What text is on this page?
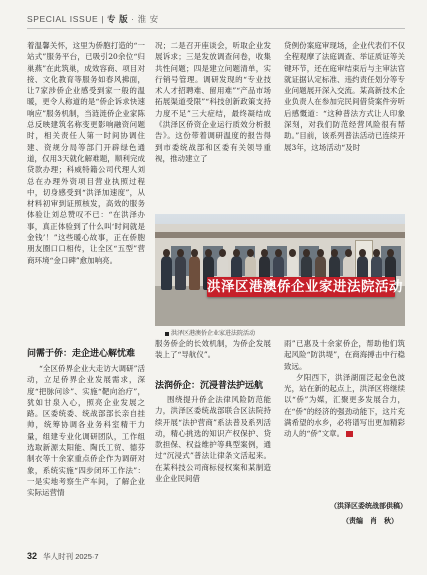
SPECIAL ISSUE | 专 版 · 淮 安

着温馨关怀，这里为侨胞打造的“一站式”服务平台，已吸引20余位“归巢燕”在此筑巢，成效容商、项目对接、文化教育等服务如春风拂面，让7家涉侨企业感受到家一般的温暖，更令人称道的是“侨企诉求快速响应”服务机制，当涟涟侨企业家陈总反映建筑名称变更影响融资问题时，相关责任人第一时间协调住建、资规分局等部门开辟绿色通道，仅用3天就化解难题，顺利完成贷款办理；科威特籍公司代理人刘总在办理外资项目营业执照过程中，切身感受到“洪泽加速度”，从材料初审到证照核发，高效的服务体验让刘总赞叹不已：“在洪泽办事，真正体验到了什么叫‘时间就是金钱’！”这些暖心故事，正在侨胞朋友圈口口相传，让全区“五型”营商环境“金口碑”愈加响亮。

问需于侨：走企进心解忧难

“全区侨界企业大走访大调研”活动，立足侨界企业发展需求，深度“把脉问诊”、实施“靶向治疗”，犹如甘泉入心，照亮企业发展之路。区委统委、统战部部长亲自挂帅，统筹协调各业务科室精干力量，组建专业化调研团队，工作组选取新源太阳能、陶氏工贸、德芬制衣等十余家重点侨企作为调研对象，系统实施“四步闭环工作法”：一是实地考察生产车间，了解企业实际运营情

况；二是召开座谈会，听取企业发展诉求；三是发放调查问卷，收集共性问题；四是建立问题清单，实行销号管理。调研发现的“专业技术人才招聘难、留用难”“产品市场拓展渠道受限”“科技创新政策支持力度不足”三大症结，最终凝结成《洪泽区侨资企业运行质效分析报告》。这份带着调研温度的报告得到市委统战部和区委有关领导重视，推动建立了

贷例份案庭审现场，企业代表们不仅全程观摩了法庭调查、举证质证等关键环节，还在庭审结束后与主审法官就证据认定标准、违约责任划分等专业问题展开深入交流。某高新技术企业负责人在参加完民间借贷案件旁听后感慨道：“这种普法方式让人印象深刻，对我们防范经营风险很有帮助。”目前，该系列普法活动已连续开展3年，这场活动“及时

洪泽区港澳侨企业家进法院活动
洪泽区港澳侨企业家进法院活动

服务侨企的长效机制，为侨企发展装上了“导航仪”。

法润侨企：沉浸普法护远航

围绕提升侨企法律风险防范能力，洪泽区委统战部联合区法院持续开展“法护营商”系法普及系列活动，精心挑选的知识产权保护、贷款担保、权益维护等典型案例，通过“沉浸式”普法让律条文活起来。在某科技公司商标侵权案和某制造业企业民间借

雨”已惠及十余家侨企，帮助他们筑起风险“防洪堤”，在商海搏击中行稳致远。

夕阳西下，洪泽湖面泛起金色波光，站在新的起点上，洪泽区将继续以“侨”为媒，汇聚更多发展合力，在“侨”的经济的强劲动能下，这片充满希望的水乡，必将谱写出更加精彩动人的“侨”文章。

（洪泽区委统战部供稿）
（责编　肖　秋）
32 华人时刊 2025·7
